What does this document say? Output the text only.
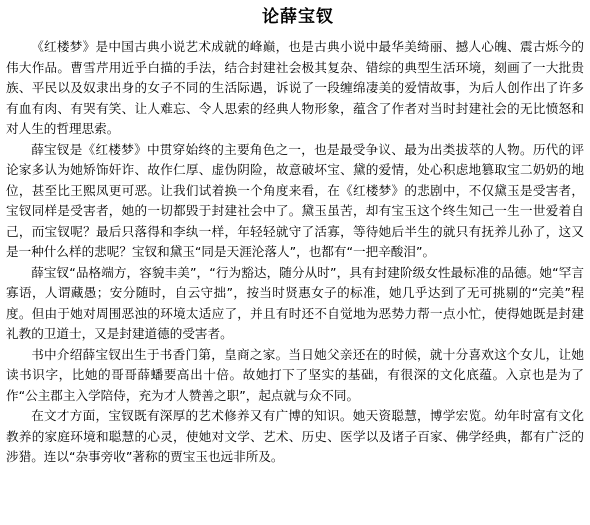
论薛宝钗

《红楼梦》是中国古典小说艺术成就的峰巅，也是古典小说中最华美绮丽、撼人心魄、震古烁今的伟大作品。曹雪芹用近乎白描的手法，结合封建社会极其复杂、错综的典型生活环境，刻画了一大批贵族、平民以及奴隶出身的女子不同的生活际遇，诉说了一段缠绵凄美的爱情故事，为后人创作出了许多有血有肉、有哭有笑、让人难忘、令人思索的经典人物形象，蕴含了作者对当时封建社会的无比愤怒和对人生的哲理思索。

薛宝钗是《红楼梦》中贯穿始终的主要角色之一，也是最受争议、最为出类拔萃的人物。历代的评论家多认为她矫饰奸诈、故作仁厚、虚伪阴险，故意破坏宝、黛的爱情，处心积虑地篡取宝二奶奶的地位，甚至比王熙凤更可恶。让我们试着换一个角度来看，在《红楼梦》的悲剧中，不仅黛玉是受害者，宝钗同样是受害者，她的一切都毁于封建社会中了。黛玉虽苦，却有宝玉这个终生知己一生一世爱着自己，而宝钗呢？最后只落得和李纨一样，年轻轻就守了活寡，等待她后半生的就只有抚养儿孙了，这又是一种什么样的悲呢？宝钗和黛玉“同是天涯沦落人”，也都有“一把辛酸泪”。

薛宝钗“品格端方，容貌丰美”，“行为豁达，随分从时”，具有封建阶级女性最标准的品德。她“罕言寡语，人谓藏愚；安分随时，自云守拙”，按当时贤惠女子的标准，她几乎达到了无可挑剔的“完美”程度。但由于她对周围恶浊的环境太适应了，并且有时还不自觉地为恶势力帮一点小忙，使得她既是封建礼教的卫道士，又是封建道德的受害者。

书中介绍薛宝钗出生于书香门第，皇商之家。当日她父亲还在的时候，就十分喜欢这个女儿，让她读书识字，比她的哥哥薛蟠要高出十倍。故她打下了坚实的基础，有很深的文化底蕴。入京也是为了作“公主郡主入学陪侍，充为才人赞善之职”，起点就与众不同。

在文才方面，宝钗既有深厚的艺术修养又有广博的知识。她天资聪慧，博学宏览。幼年时富有文化教养的家庭环境和聪慧的心灵，使她对文学、艺术、历史、医学以及诸子百家、佛学经典，都有广泛的涉猎。连以“杂事旁收”著称的贾宝玉也远非所及。
